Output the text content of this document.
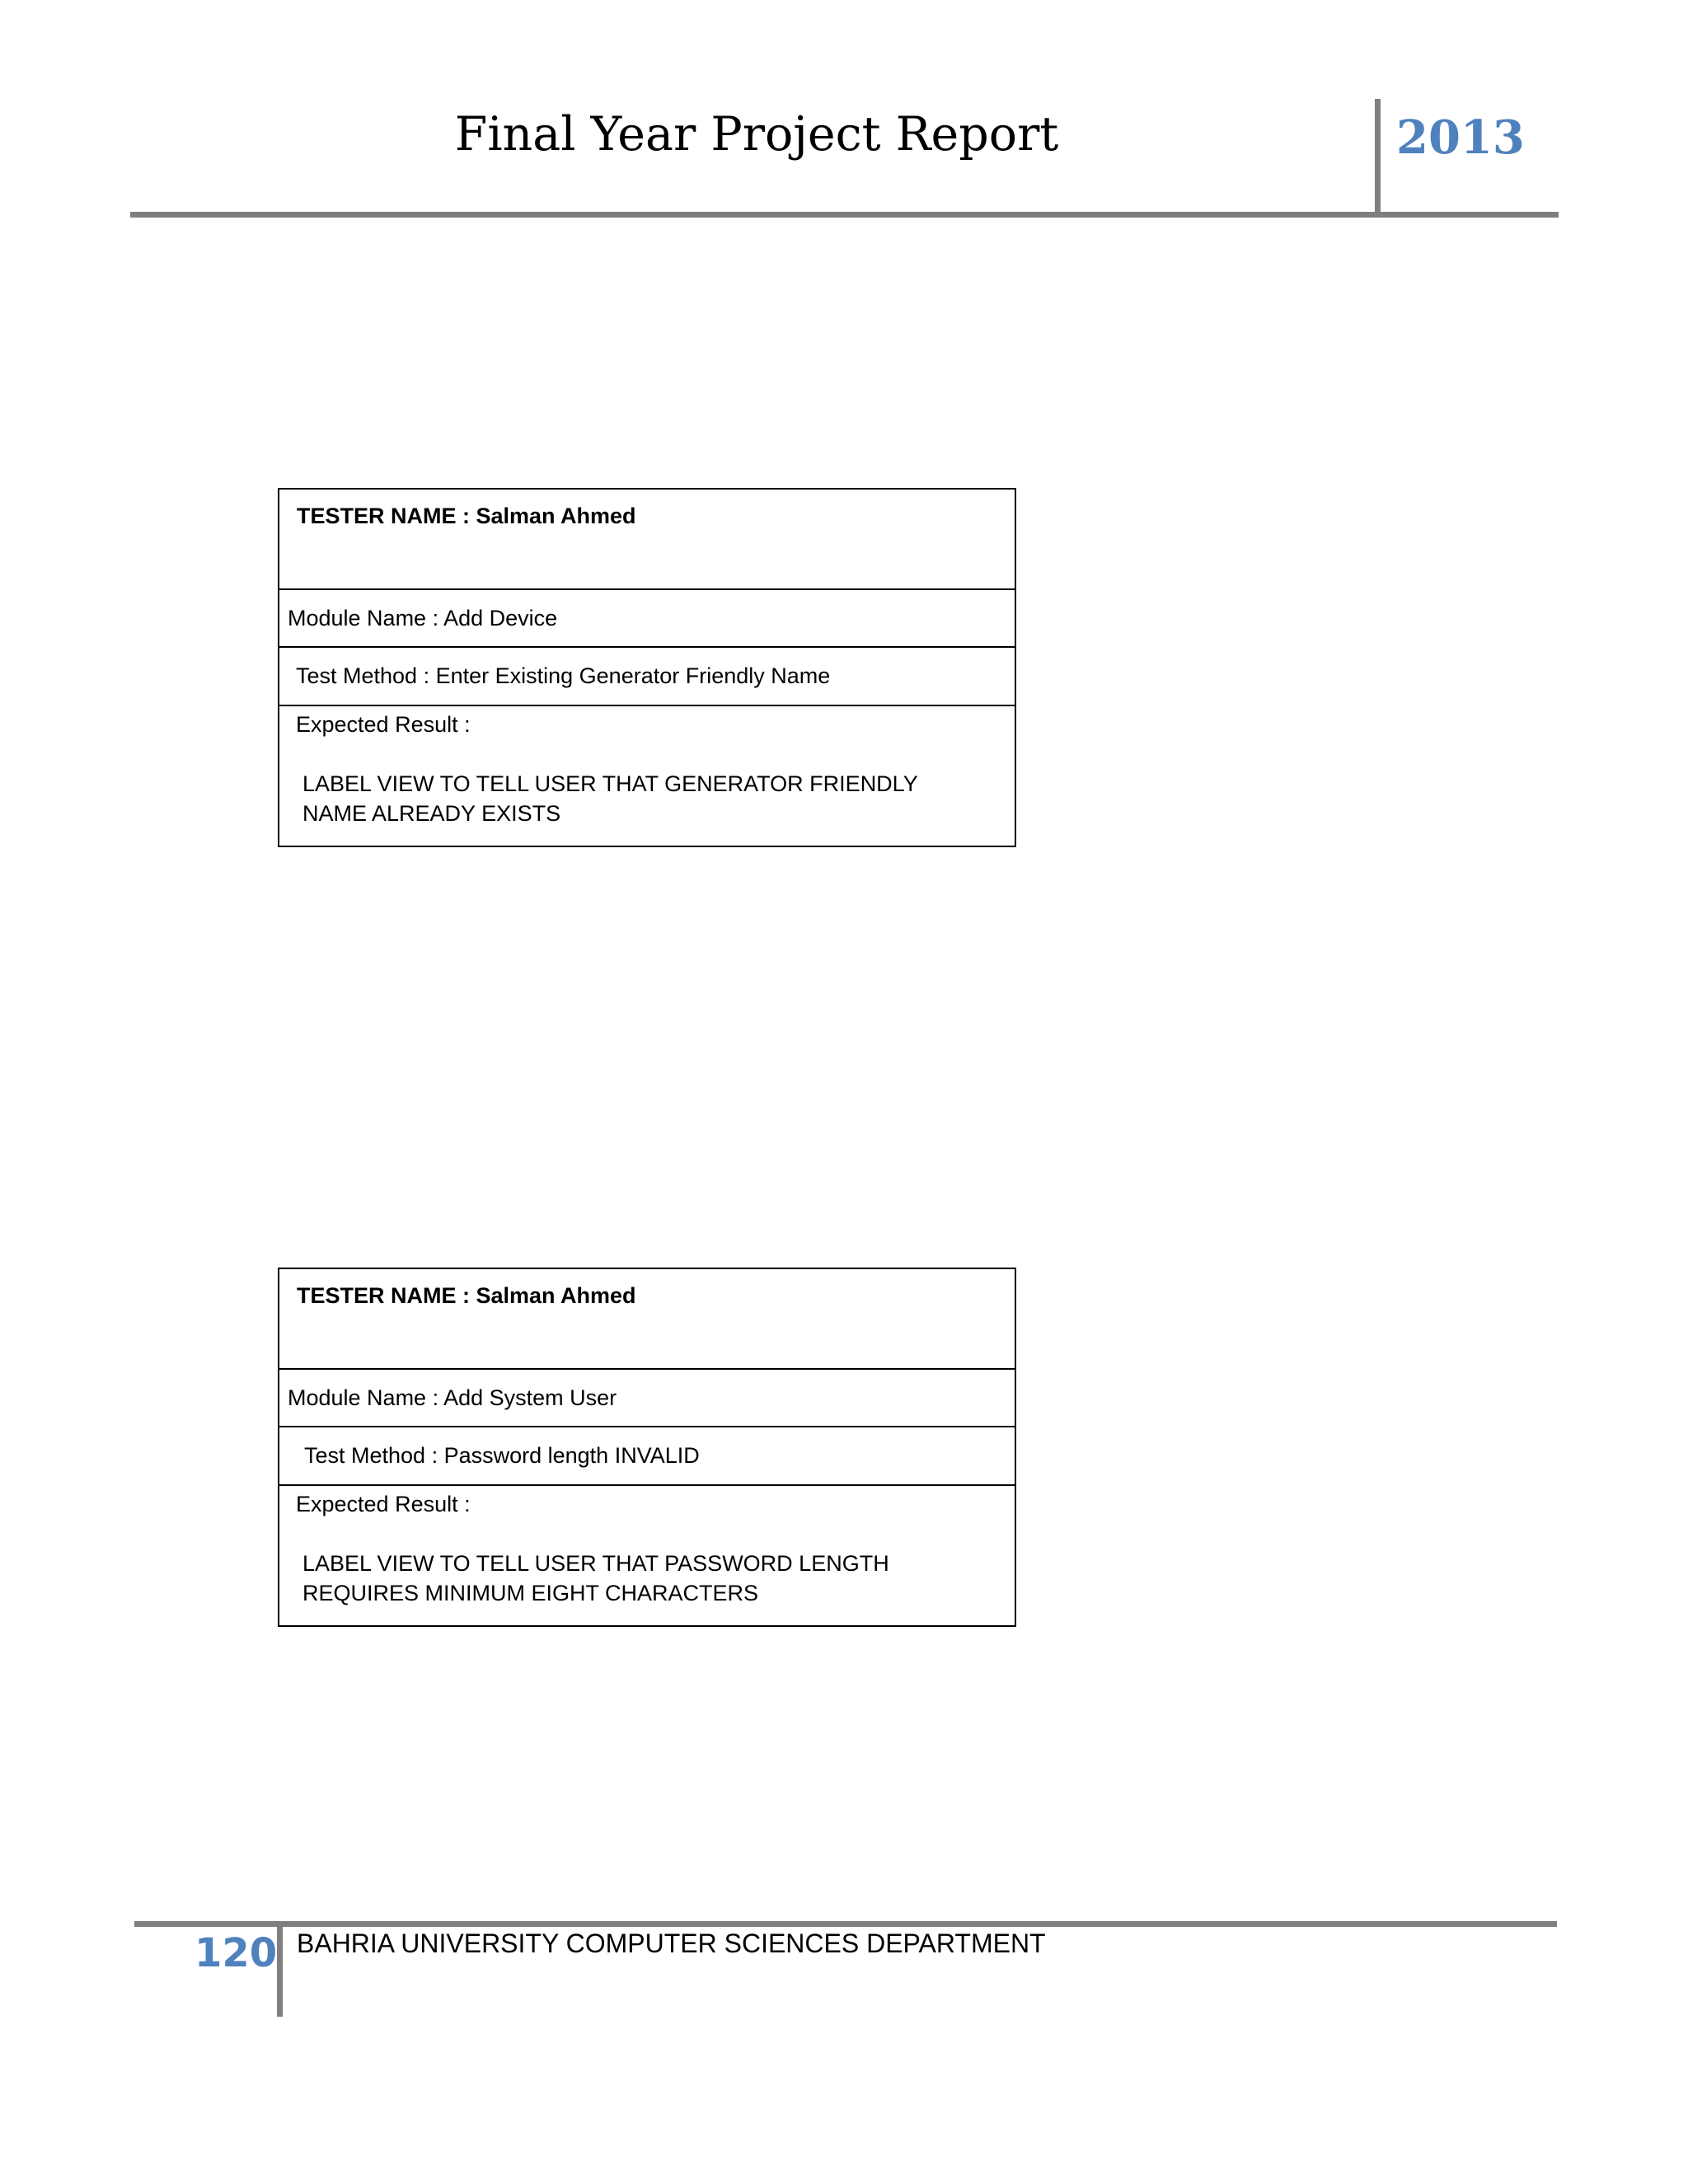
Final Year Project Report	2013
TESTER NAME : Salman Ahmed
Module Name : Add Device
Test Method : Enter Existing Generator Friendly Name
Expected Result :
LABEL VIEW TO TELL USER THAT GENERATOR FRIENDLY NAME ALREADY EXISTS
TESTER NAME : Salman Ahmed
Module Name : Add System User
Test Method : Password length INVALID
Expected Result :
LABEL VIEW TO TELL USER THAT PASSWORD LENGTH REQUIRES MINIMUM EIGHT CHARACTERS
120 BAHRIA UNIVERSITY COMPUTER SCIENCES DEPARTMENT
